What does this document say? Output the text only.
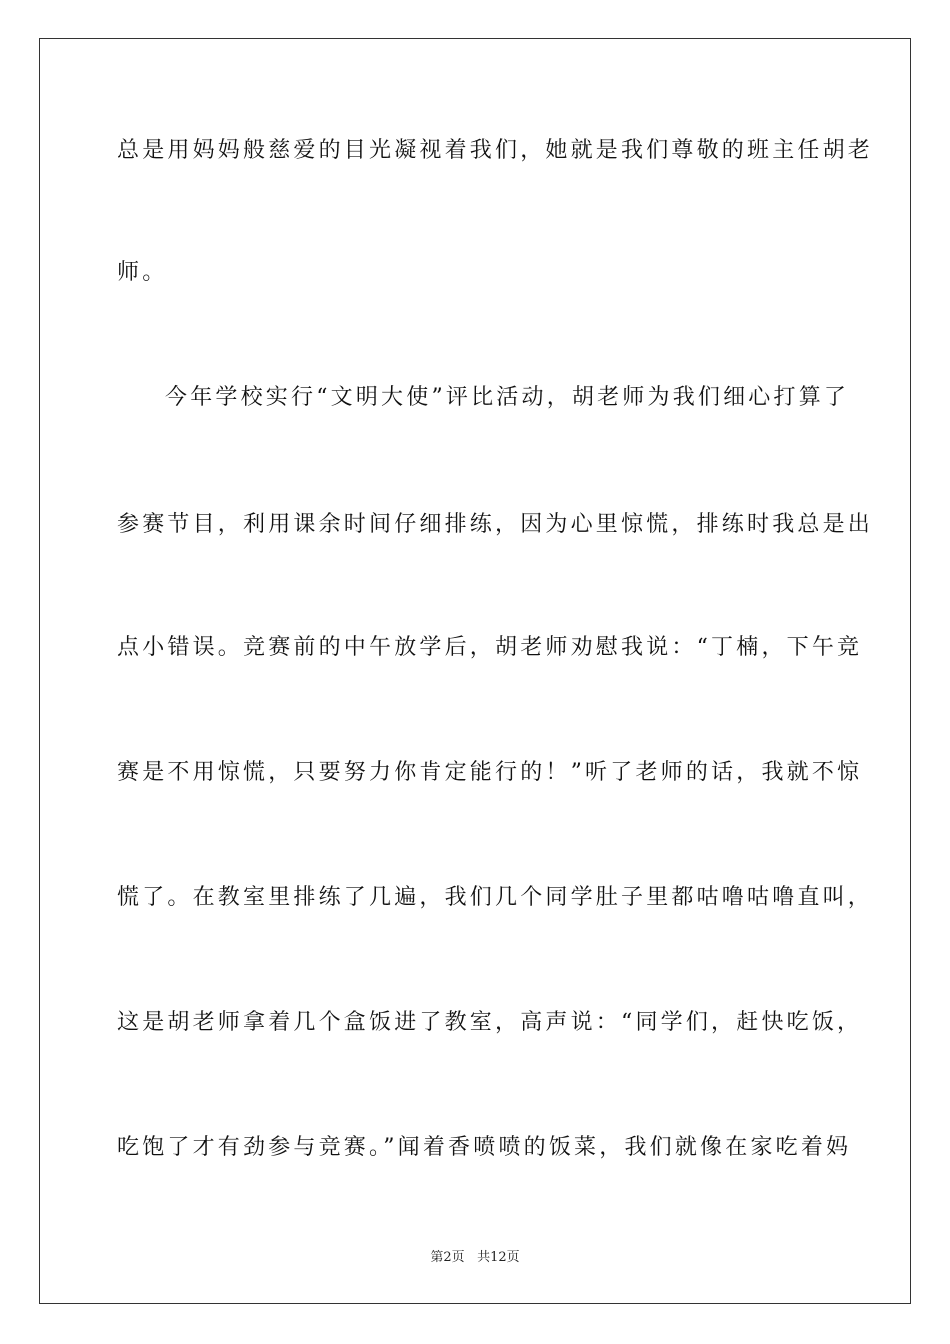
总是用妈妈般慈爱的目光凝视着我们，她就是我们尊敬的班主任胡老
师。
今年学校实行“文明大使”评比活动，胡老师为我们细心打算了
参赛节目，利用课余时间仔细排练，因为心里惊慌，排练时我总是出
点小错误。竞赛前的中午放学后，胡老师劝慰我说：“丁楠，下午竞
赛是不用惊慌，只要努力你肯定能行的！”听了老师的话，我就不惊
慌了。在教室里排练了几遍，我们几个同学肚子里都咕噜咕噜直叫，
这是胡老师拿着几个盒饭进了教室，高声说：“同学们，赶快吃饭，
吃饱了才有劲参与竞赛。”闻着香喷喷的饭菜，我们就像在家吃着妈
第2页 共12页
